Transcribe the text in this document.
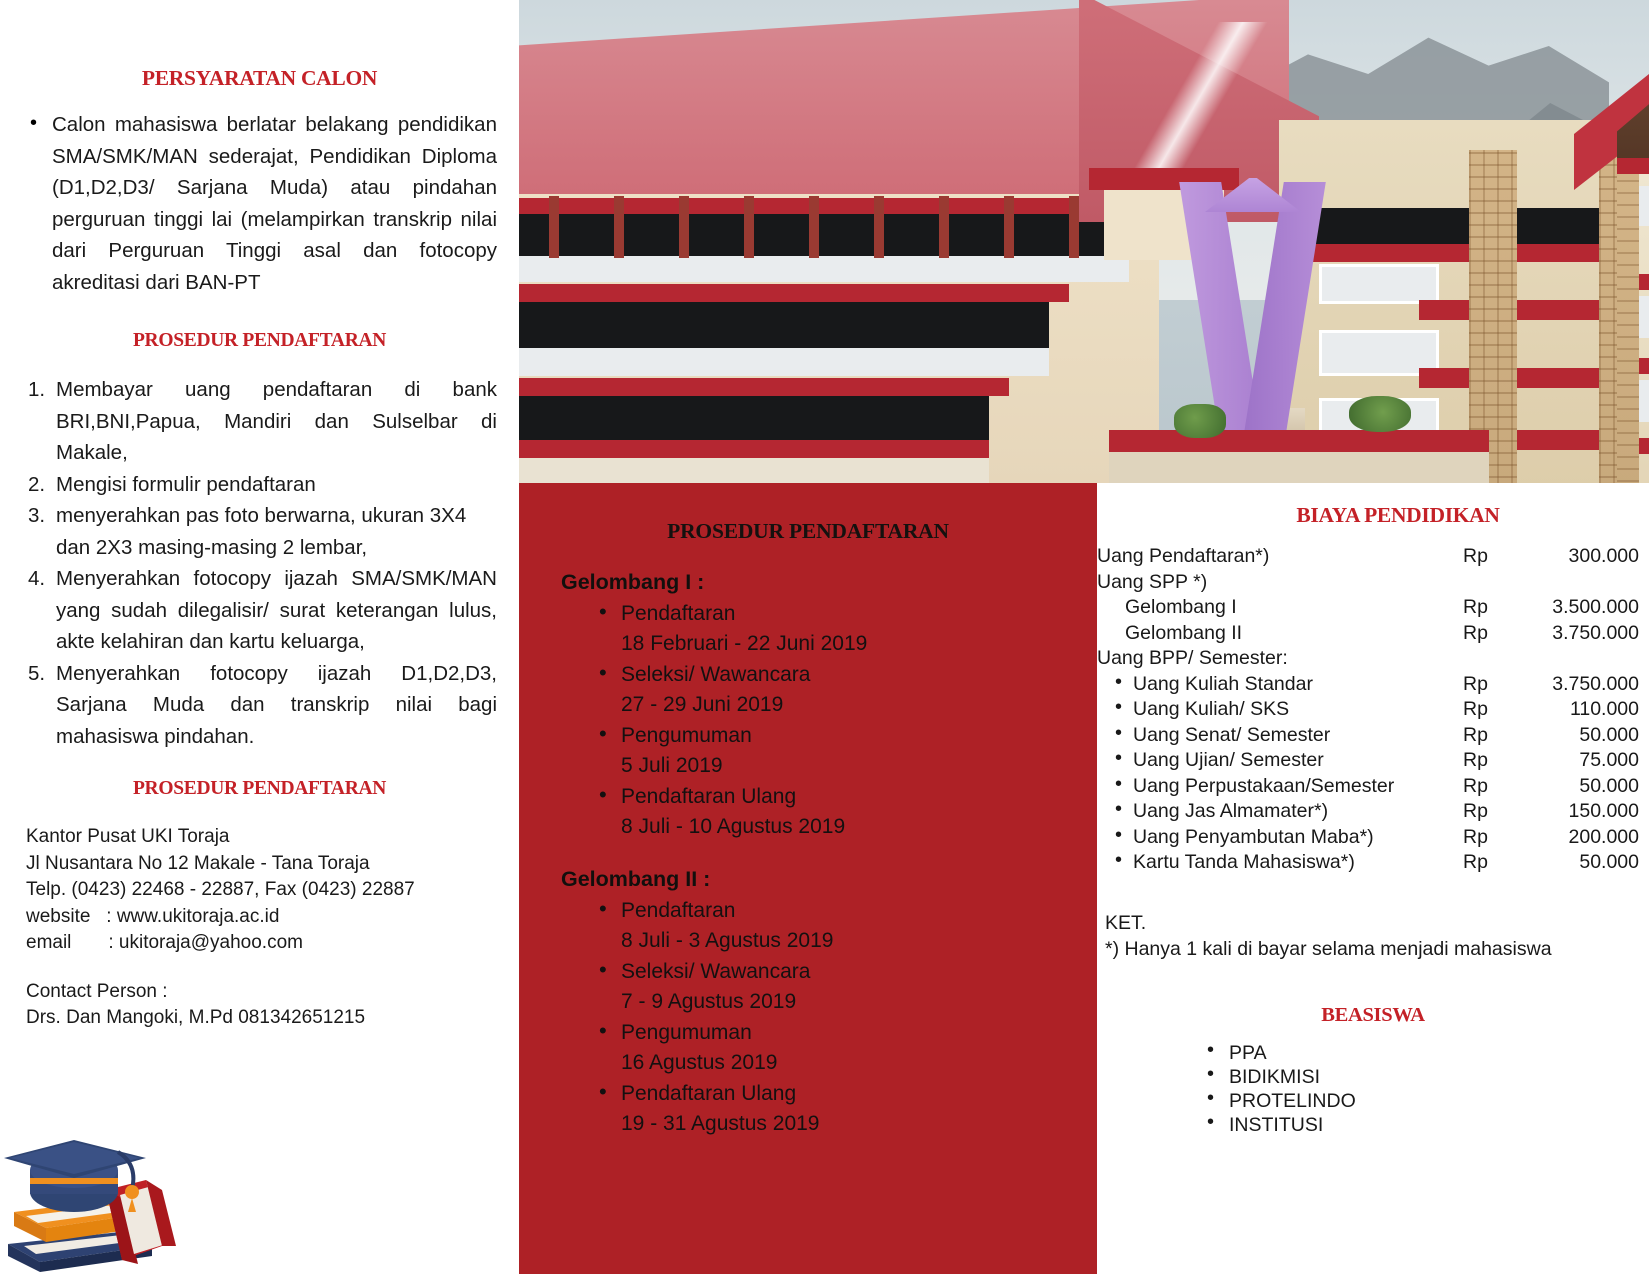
PERSYARATAN CALON
• Calon mahasiswa berlatar belakang pendidikan SMA/SMK/MAN sederajat, Pendidikan Diploma (D1,D2,D3/ Sarjana Muda) atau pindahan perguruan tinggi lai (melampirkan transkrip nilai dari Perguruan Tinggi asal dan fotocopy akreditasi dari BAN-PT
PROSEDUR PENDAFTARAN
Membayar uang pendaftaran di bank BRI,BNI,Papua, Mandiri dan Sulselbar di Makale,
Mengisi formulir pendaftaran
menyerahkan pas foto berwarna, ukuran 3X4 dan 2X3 masing-masing 2 lembar,
Menyerahkan fotocopy ijazah SMA/SMK/MAN yang sudah dilegalisir/ surat keterangan lulus, akte kelahiran dan kartu keluarga,
Menyerahkan fotocopy ijazah D1,D2,D3, Sarjana Muda dan transkrip nilai bagi mahasiswa pindahan.
PROSEDUR PENDAFTARAN
Kantor Pusat UKI Toraja
Jl Nusantara No 12 Makale - Tana Toraja
Telp. (0423) 22468 - 22887, Fax (0423) 22887
website   : www.ukitoraja.ac.id
email       : ukitoraja@yahoo.com
Contact Person :
Drs. Dan Mangoki, M.Pd 081342651215
PROSEDUR PENDAFTARAN
Gelombang I :
• Pendaftaran
18 Februari - 22 Juni 2019
• Seleksi/ Wawancara
27 - 29 Juni 2019
• Pengumuman
5 Juli 2019
• Pendaftaran Ulang
8 Juli - 10 Agustus 2019
Gelombang II :
• Pendaftaran
8 Juli - 3 Agustus 2019
• Seleksi/ Wawancara
7 - 9 Agustus 2019
• Pengumuman
16 Agustus 2019
• Pendaftaran Ulang
19 - 31 Agustus 2019
BIAYA PENDIDIKAN
Uang Pendaftaran*)	Rp	300.000
Uang SPP *)		
Gelombang I	Rp	3.500.000
Gelombang II	Rp	3.750.000
Uang BPP/ Semester:		
• Uang Kuliah Standar	Rp	3.750.000
• Uang Kuliah/ SKS	Rp	110.000
• Uang Senat/ Semester	Rp	50.000
• Uang Ujian/ Semester	Rp	75.000
• Uang Perpustakaan/Semester	Rp	50.000
• Uang Jas Almamater*)	Rp	150.000
• Uang Penyambutan Maba*)	Rp	200.000
• Kartu Tanda Mahasiswa*)	Rp	50.000
KET.
*) Hanya 1 kali di bayar selama menjadi mahasiswa
BEASISWA
• PPA
• BIDIKMISI
• PROTELINDO
• INSTITUSI
